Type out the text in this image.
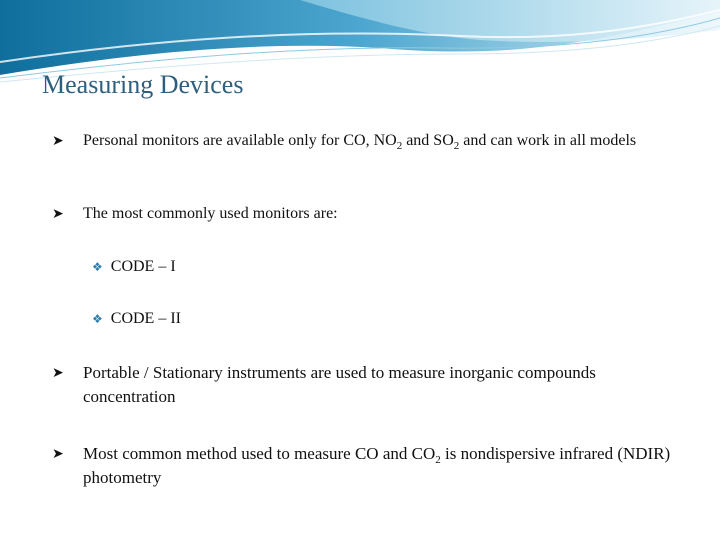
Measuring Devices
➤	Personal monitors are available only for CO, $NO_2$ and $SO_2$ and can work in all models
➤	The most commonly used monitors are:
❖ CODE – I
❖ CODE – II
➤	Portable / Stationary instruments are used to measure inorganic compounds concentration
➤	Most common method used to measure CO and $CO_2$ is nondispersive infrared (NDIR) photometry
